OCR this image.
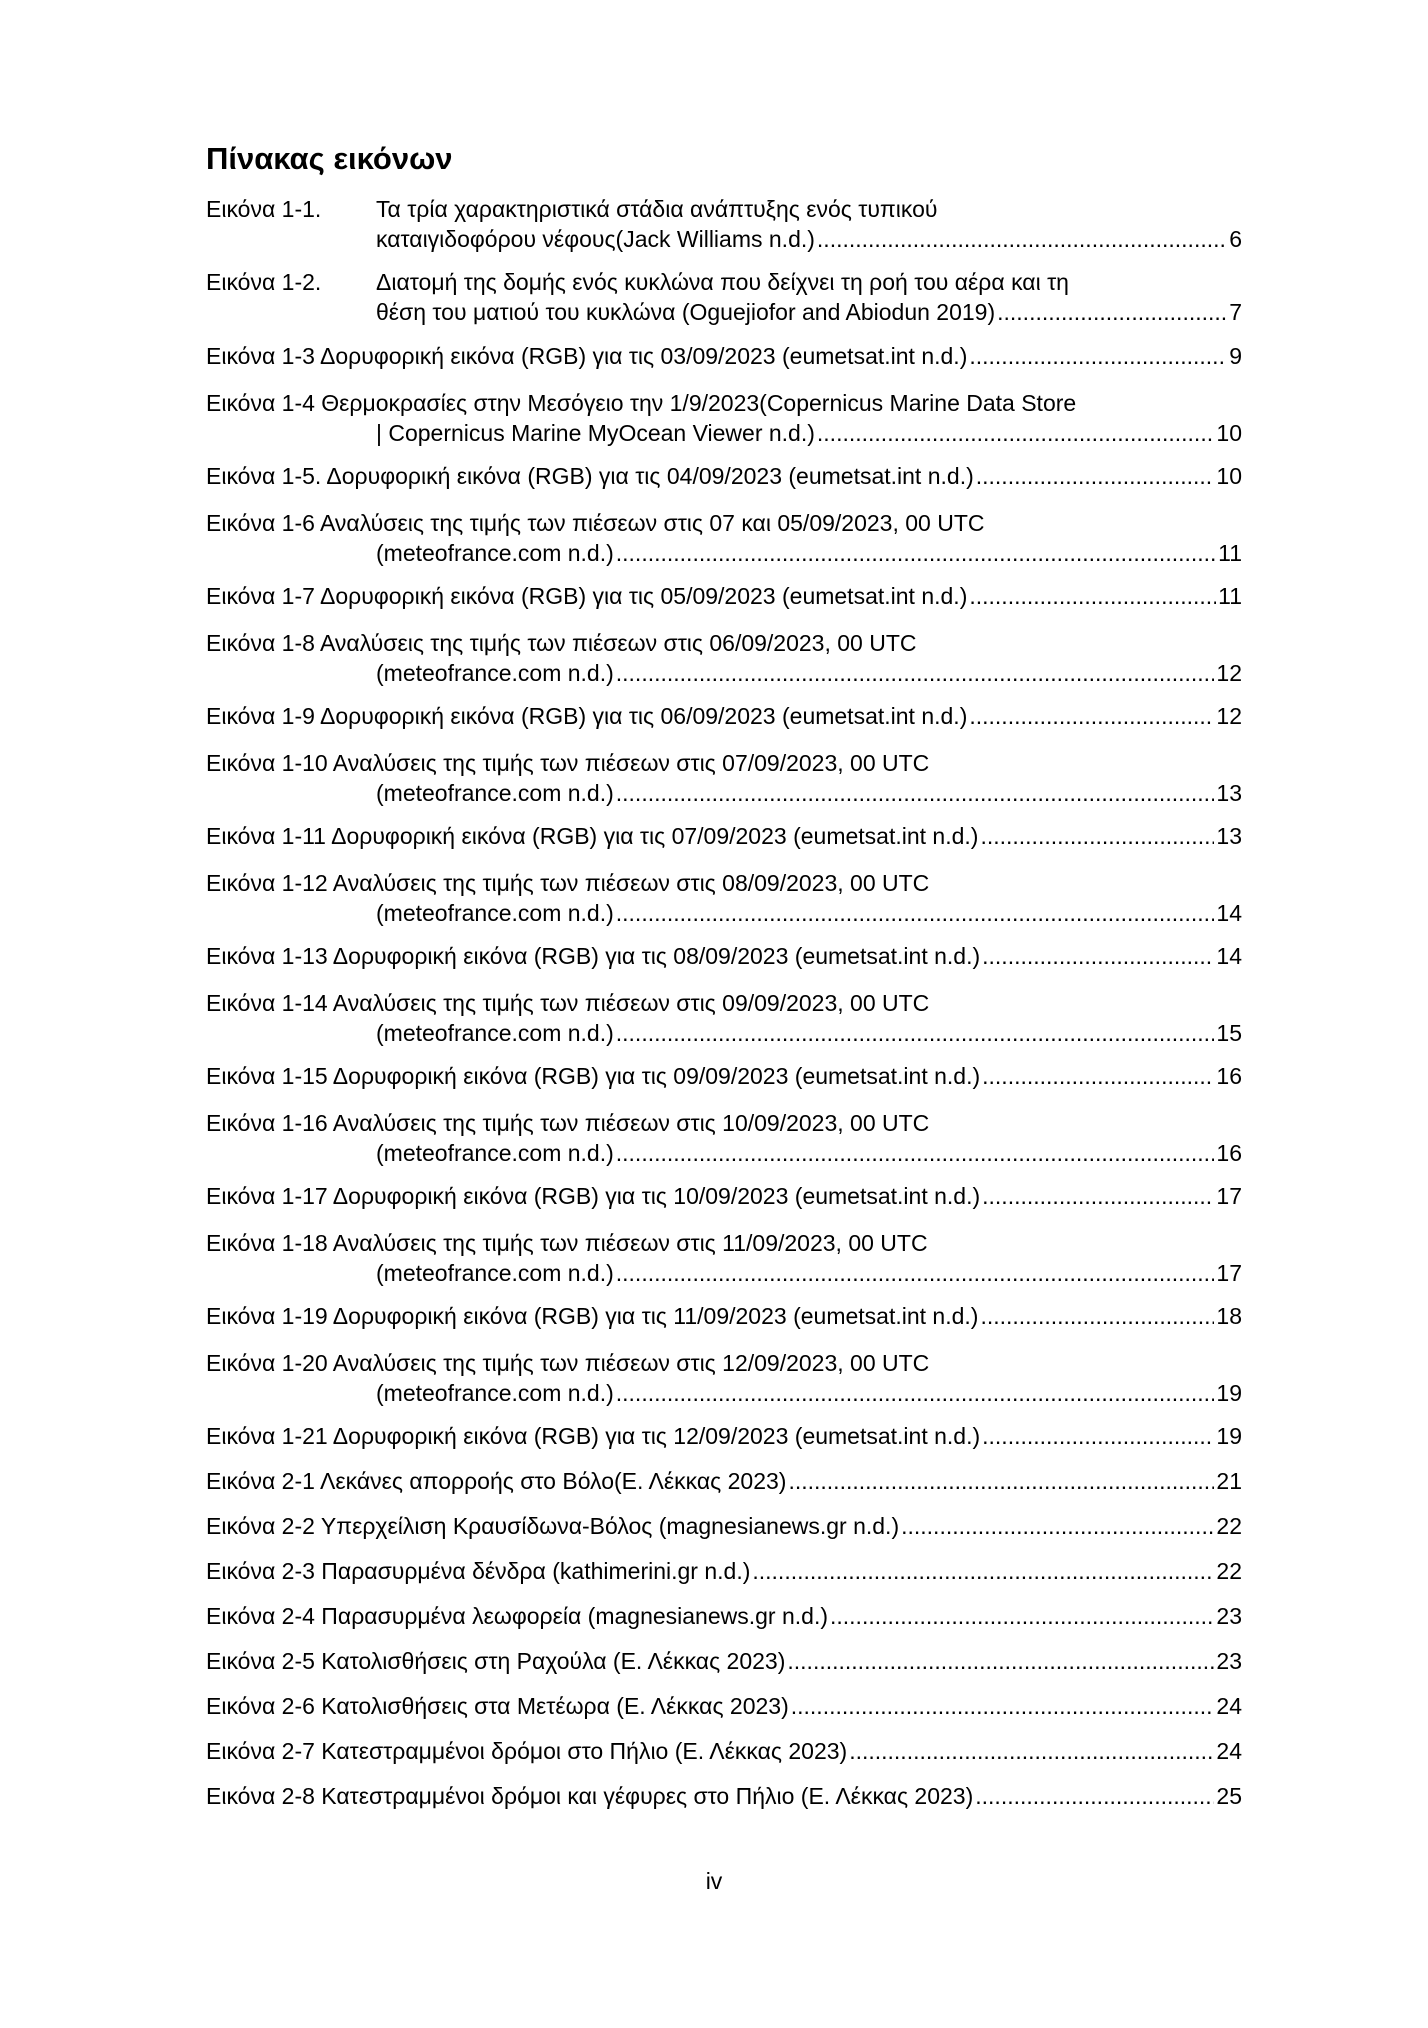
Πίνακας εικόνων
Εικόνα 1-1.	Τα τρία χαρακτηριστικά στάδια ανάπτυξης ενός τυπικού
καταιγιδοφόρου νέφους(Jack Williams n.d.) .....	6
Εικόνα 1-2.	Διατομή της δομής ενός κυκλώνα που δείχνει τη ροή του αέρα και τη
θέση του ματιού του κυκλώνα (Oguejiofor and Abiodun 2019) .....	7
Εικόνα 1-3 Δορυφορική εικόνα (RGB) για τις 03/09/2023 (eumetsat.int n.d.) .....	9
Εικόνα 1-4 Θερμοκρασίες στην Μεσόγειο την 1/9/2023(Copernicus Marine Data Store
| Copernicus Marine MyOcean Viewer n.d.) .....	10
Εικόνα 1-5. Δορυφορική εικόνα (RGB) για τις 04/09/2023 (eumetsat.int n.d.) .....	10
Εικόνα 1-6 Αναλύσεις της τιμής των πιέσεων στις 07 και 05/09/2023, 00 UTC
(meteofrance.com n.d.) .....	11
Εικόνα 1-7 Δορυφορική εικόνα (RGB) για τις 05/09/2023 (eumetsat.int n.d.) .....	11
Εικόνα 1-8 Αναλύσεις της τιμής των πιέσεων στις 06/09/2023, 00 UTC
(meteofrance.com n.d.) .....	12
Εικόνα 1-9 Δορυφορική εικόνα (RGB) για τις 06/09/2023 (eumetsat.int n.d.) .....	12
Εικόνα 1-10 Αναλύσεις της τιμής των πιέσεων στις 07/09/2023, 00 UTC
(meteofrance.com n.d.) .....	13
Εικόνα 1-11 Δορυφορική εικόνα (RGB) για τις 07/09/2023 (eumetsat.int n.d.) .....	13
Εικόνα 1-12 Αναλύσεις της τιμής των πιέσεων στις 08/09/2023, 00 UTC
(meteofrance.com n.d.) .....	14
Εικόνα 1-13 Δορυφορική εικόνα (RGB) για τις 08/09/2023 (eumetsat.int n.d.) .....	14
Εικόνα 1-14 Αναλύσεις της τιμής των πιέσεων στις 09/09/2023, 00 UTC
(meteofrance.com n.d.) .....	15
Εικόνα 1-15 Δορυφορική εικόνα (RGB) για τις 09/09/2023 (eumetsat.int n.d.) .....	16
Εικόνα 1-16 Αναλύσεις της τιμής των πιέσεων στις 10/09/2023, 00 UTC
(meteofrance.com n.d.) .....	16
Εικόνα 1-17 Δορυφορική εικόνα (RGB) για τις 10/09/2023 (eumetsat.int n.d.) .....	17
Εικόνα 1-18 Αναλύσεις της τιμής των πιέσεων στις 11/09/2023, 00 UTC
(meteofrance.com n.d.) .....	17
Εικόνα 1-19 Δορυφορική εικόνα (RGB) για τις 11/09/2023 (eumetsat.int n.d.) .....	18
Εικόνα 1-20 Αναλύσεις της τιμής των πιέσεων στις 12/09/2023, 00 UTC
(meteofrance.com n.d.) .....	19
Εικόνα 1-21 Δορυφορική εικόνα (RGB) για τις 12/09/2023 (eumetsat.int n.d.) .....	19
Εικόνα 2-1 Λεκάνες απορροής στο Βόλο(Ε. Λέκκας 2023) .....	21
Εικόνα 2-2 Υπερχείλιση Κραυσίδωνα-Βόλος (magnesianews.gr n.d.) .....	22
Εικόνα 2-3 Παρασυρμένα δένδρα (kathimerini.gr n.d.) .....	22
Εικόνα 2-4 Παρασυρμένα λεωφορεία (magnesianews.gr n.d.) .....	23
Εικόνα 2-5 Κατολισθήσεις στη Ραχούλα (Ε. Λέκκας 2023) .....	23
Εικόνα 2-6 Κατολισθήσεις στα Μετέωρα (Ε. Λέκκας 2023) .....	24
Εικόνα 2-7 Κατεστραμμένοι δρόμοι στο Πήλιο (Ε. Λέκκας 2023) .....	24
Εικόνα 2-8 Κατεστραμμένοι δρόμοι και γέφυρες στο Πήλιο (Ε. Λέκκας 2023) .....	25
iv
